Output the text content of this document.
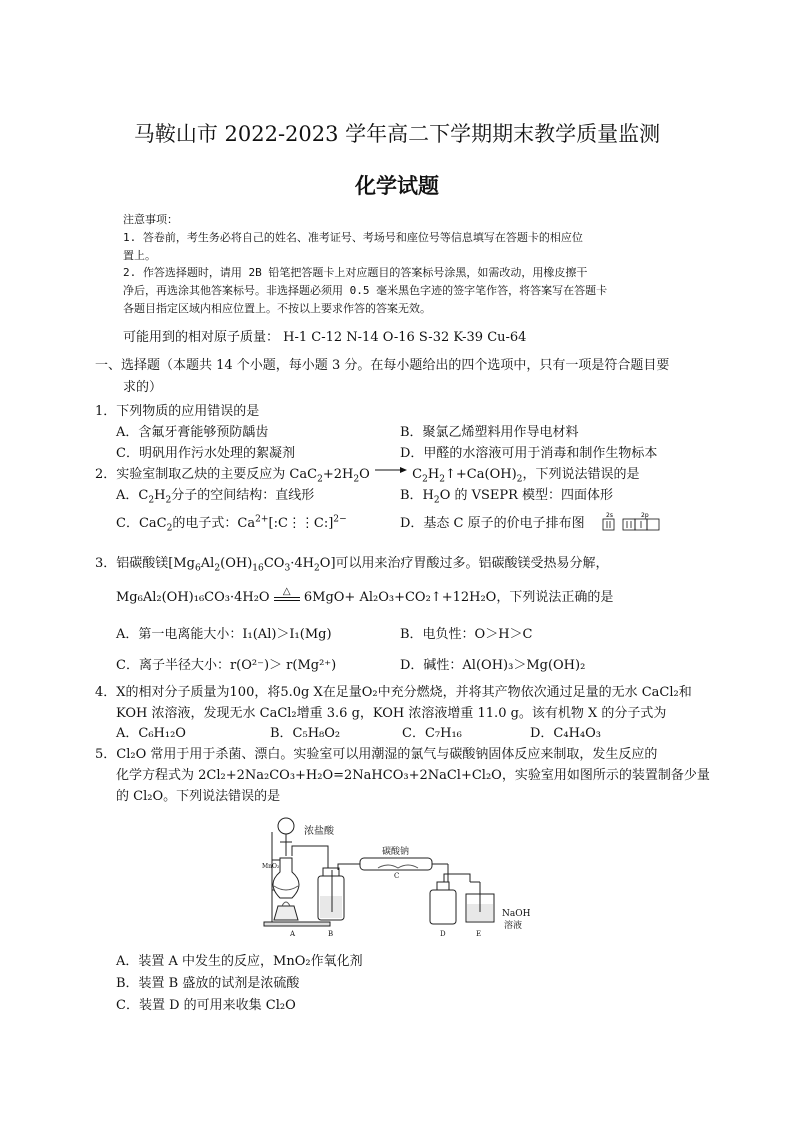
马鞍山市 2022-2023 学年高二下学期期末教学质量监测
化学试题
注意事项：
1. 答卷前，考生务必将自己的姓名、准考证号、考场号和座位号等信息填写在答题卡的相应位
置上。
2. 作答选择题时，请用 2B 铅笔把答题卡上对应题目的答案标号涂黑，如需改动，用橡皮擦干
净后，再选涂其他答案标号。非选择题必须用 0.5 毫米黑色字迹的签字笔作答，将答案写在答题卡
各题目指定区域内相应位置上。不按以上要求作答的答案无效。
可能用到的相对原子质量： H-1 C-12 N-14 O-16 S-32 K-39 Cu-64
一、选择题（本题共 14 个小题，每小题 3 分。在每小题给出的四个选项中，只有一项是符合题目要
求的）
1．下列物质的应用错误的是
A．含氟牙膏能够预防龋齿	B．聚氯乙烯塑料用作导电材料
C．明矾用作污水处理的絮凝剂	D．甲醛的水溶液可用于消毒和制作生物标本
2．实验室制取乙炔的主要反应为 $CaC_2+2H_2O$	$C_2H_2↑+Ca(OH)_2$，下列说法错误的是
A．$C_2H_2$分子的空间结构：直线形	B．$H_2O$ 的 VSEPR 模型：四面体形
C．CaC$_2$的电子式：$Ca^{2+}[:C⋮⋮C:]^{2-}$	D．基态 C 原子的价电子排布图
2s	2p
3．铝碳酸镁$[Mg_6Al_2(OH)_{16}CO_3\cdot 4H_2O]$可以用来治疗胃酸过多。铝碳酸镁受热易分解，
Mg₆Al₂(OH)₁₆CO₃·4H₂O	△	6MgO+ Al₂O₃+CO₂↑+12H₂O，下列说法正确的是
A．第一电离能大小：I₁(Al)＞I₁(Mg)	B．电负性：O＞H＞C
C．离子半径大小：r(O²⁻)＞ r(Mg²⁺)	D．碱性：Al(OH)₃＞Mg(OH)₂
4．X的相对分子质量为100，将5.0g X在足量O₂中充分燃烧，并将其产物依次通过足量的无水 CaCl₂和
KOH 浓溶液，发现无水 CaCl₂增重 3.6 g，KOH 浓溶液增重 11.0 g。该有机物 X 的分子式为
A．C₆H₁₂O	B．C₅H₈O₂	C．C₇H₁₆	D．C₄H₄O₃
5．Cl₂O 常用于用于杀菌、漂白。实验室可以用潮湿的氯气与碳酸钠固体反应来制取，发生反应的
化学方程式为 2Cl₂+2Na₂CO₃+H₂O=2NaHCO₃+2NaCl+Cl₂O，实验室用如图所示的装置制备少量
的 Cl₂O。下列说法错误的是
浓盐酸
MnO₂
碳酸钠
C
NaOH
溶液
A	B	D	E
A．装置 A 中发生的反应，MnO₂作氧化剂
B．装置 B 盛放的试剂是浓硫酸
C．装置 D 的可用来收集 Cl₂O
